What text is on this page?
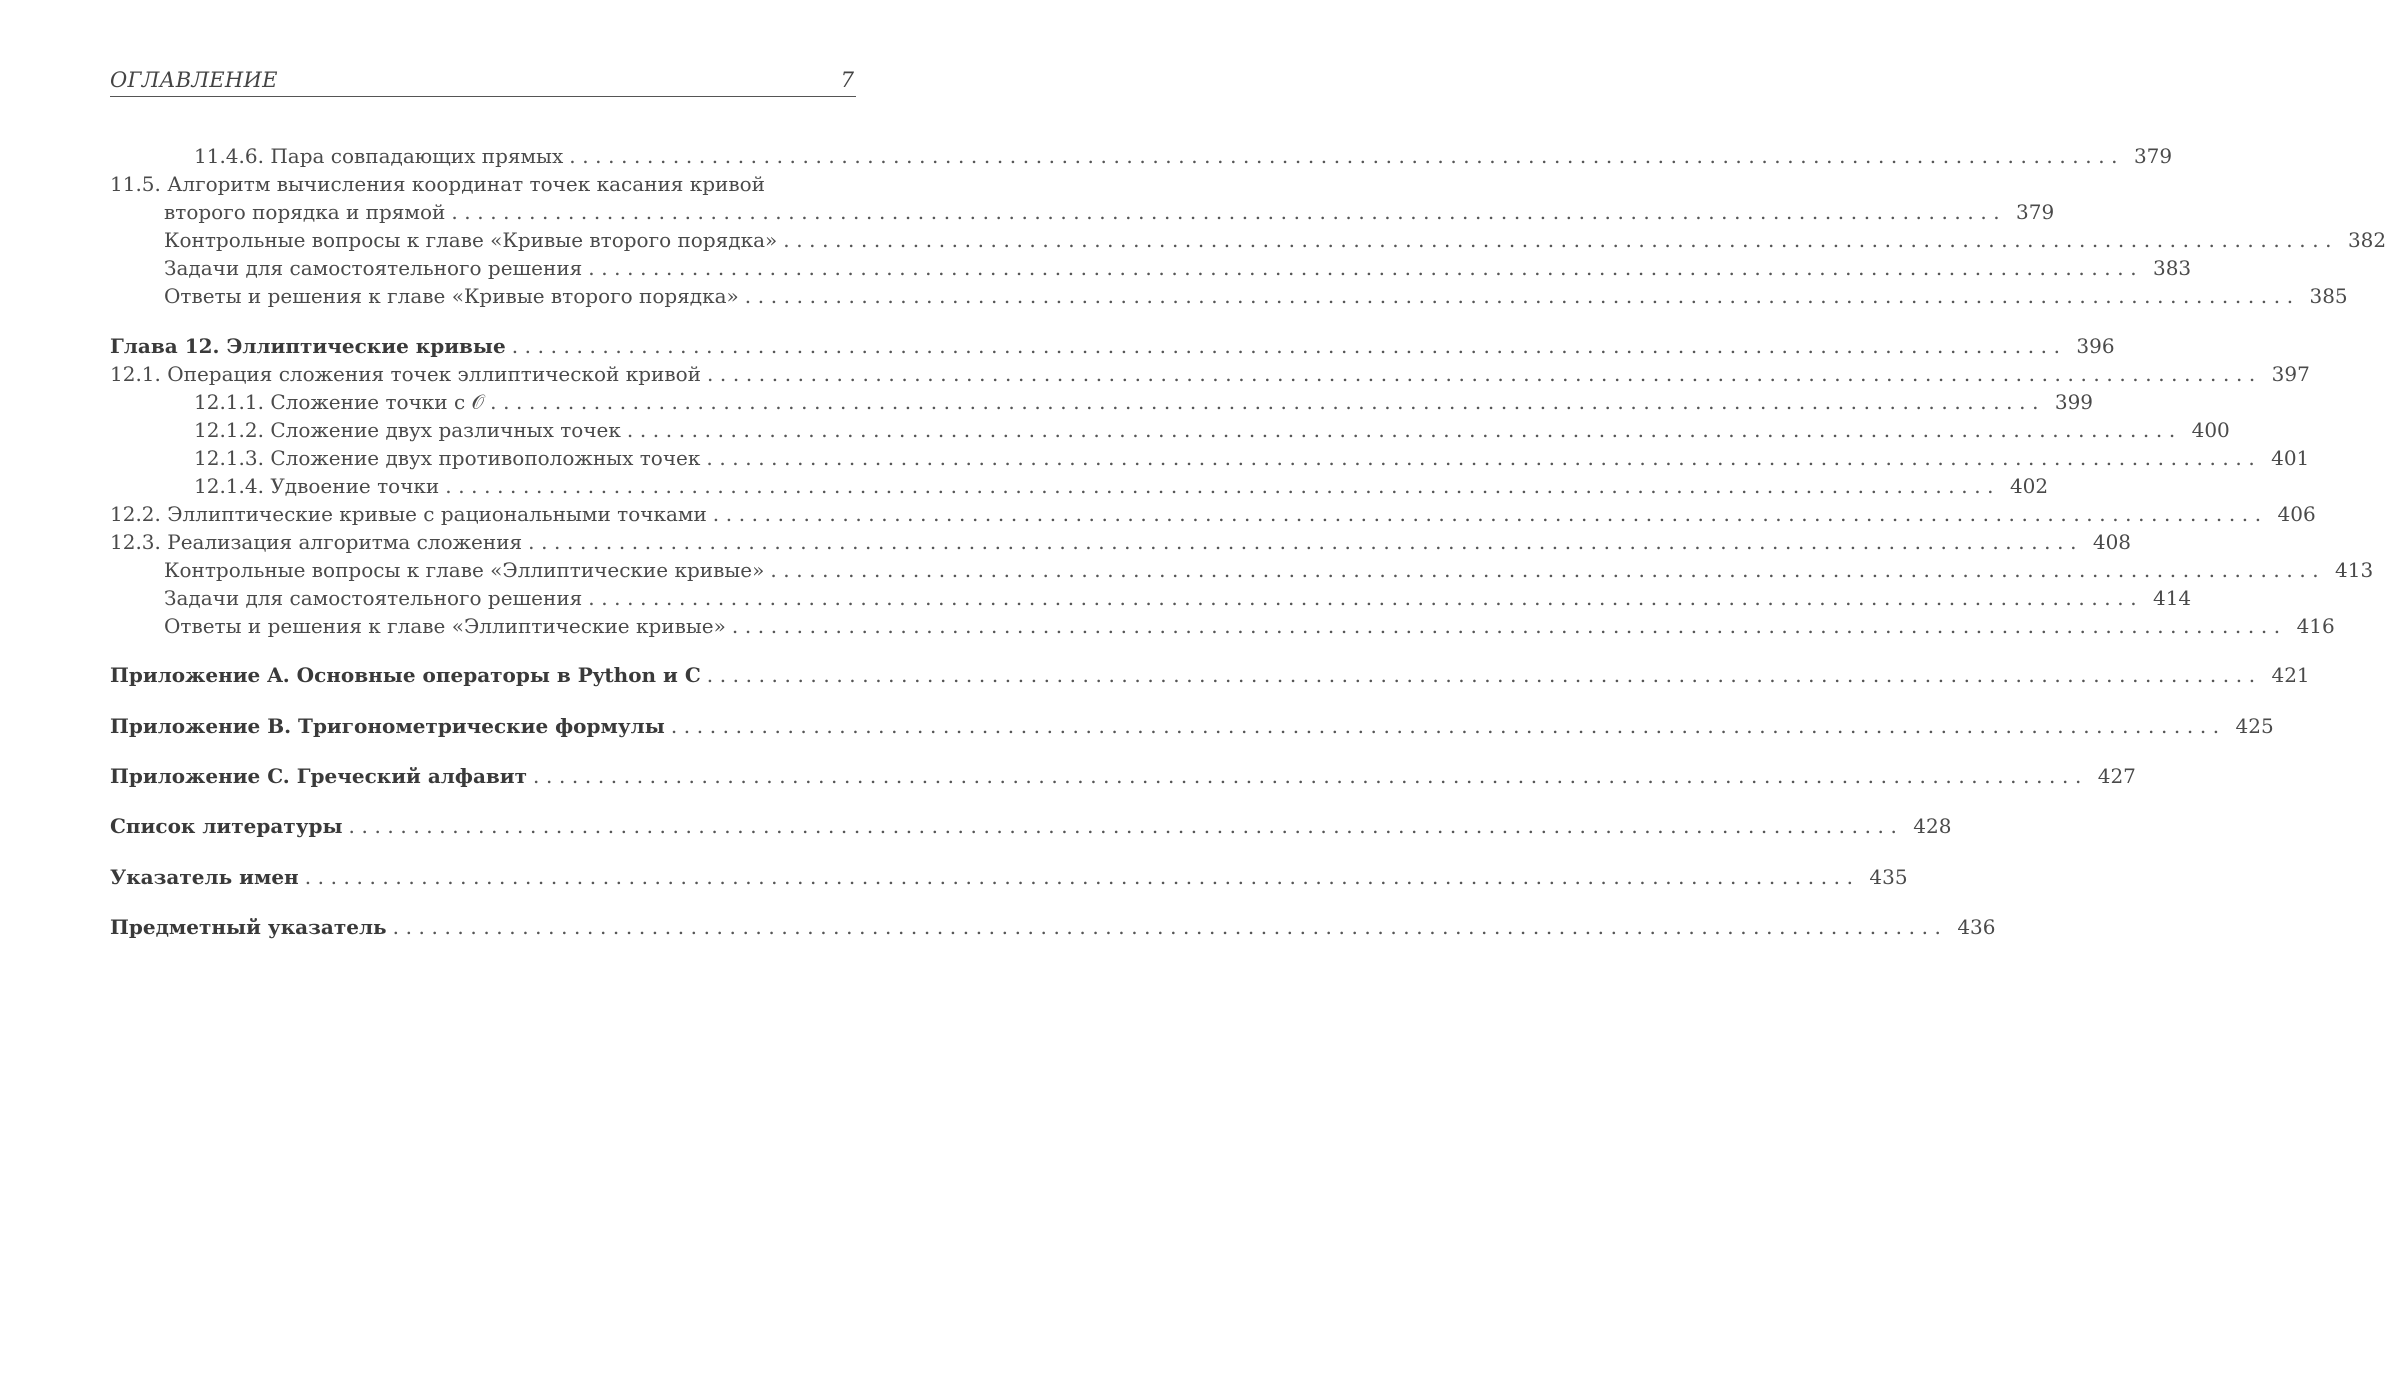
ОГЛАВЛЕНИЕ	7
11.4.6. Пара совпадающих прямых ........................................................................................................................ 379
11.5. Алгоритм вычисления координат точек касания кривой
второго порядка и прямой ........................................................................................................................ 379
Контрольные вопросы к главе «Кривые второго порядка» ........................................................................................................................ 382
Задачи для самостоятельного решения ........................................................................................................................ 383
Ответы и решения к главе «Кривые второго порядка» ........................................................................................................................ 385
Глава 12. Эллиптические кривые ........................................................................................................................ 396
12.1. Операция сложения точек эллиптической кривой ........................................................................................................................ 397
12.1.1. Сложение точки с 𝒪 ........................................................................................................................ 399
12.1.2. Сложение двух различных точек ........................................................................................................................ 400
12.1.3. Сложение двух противоположных точек ........................................................................................................................ 401
12.1.4. Удвоение точки ........................................................................................................................ 402
12.2. Эллиптические кривые с рациональными точками ........................................................................................................................ 406
12.3. Реализация алгоритма сложения ........................................................................................................................ 408
Контрольные вопросы к главе «Эллиптические кривые» ........................................................................................................................ 413
Задачи для самостоятельного решения ........................................................................................................................ 414
Ответы и решения к главе «Эллиптические кривые» ........................................................................................................................ 416
Приложение A. Основные операторы в Python и C ........................................................................................................................ 421
Приложение B. Тригонометрические формулы ........................................................................................................................ 425
Приложение C. Греческий алфавит ........................................................................................................................ 427
Список литературы ........................................................................................................................ 428
Указатель имен ........................................................................................................................ 435
Предметный указатель ........................................................................................................................ 436
